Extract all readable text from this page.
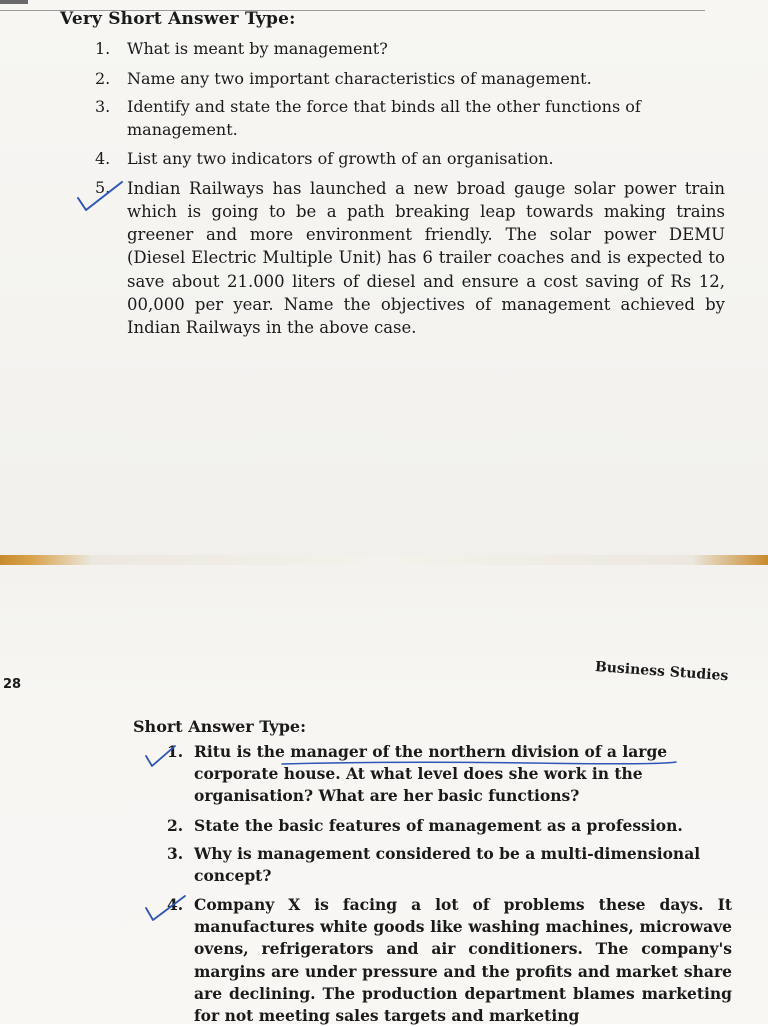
Very Short Answer Type:
1.	What is meant by management?
2.	Name any two important characteristics of management.
3.	Identify and state the force that binds all the other functions of management.
4.	List any two indicators of growth of an organisation.
5.	Indian Railways has launched a new broad gauge solar power train which is going to be a path breaking leap towards making trains greener and more environment friendly. The solar power DEMU (Diesel Electric Multiple Unit) has 6 trailer coaches and is expected to save about 21.000 liters of diesel and ensure a cost saving of Rs 12, 00,000 per year. Name the objectives of management achieved by Indian Railways in the above case.
28
Business Studies
Short Answer Type:
1. Ritu is the manager of the northern division of a large corporate house. At what level does she work in the organisation? What are her basic functions?
2. State the basic features of management as a profession.
3. Why is management considered to be a multi-dimensional concept?
4. Company X is facing a lot of problems these days. It manufactures white goods like washing machines, microwave ovens, refrigerators and air conditioners. The company's margins are under pressure and the profits and market share are declining. The production department blames marketing for not meeting sales targets and marketing
